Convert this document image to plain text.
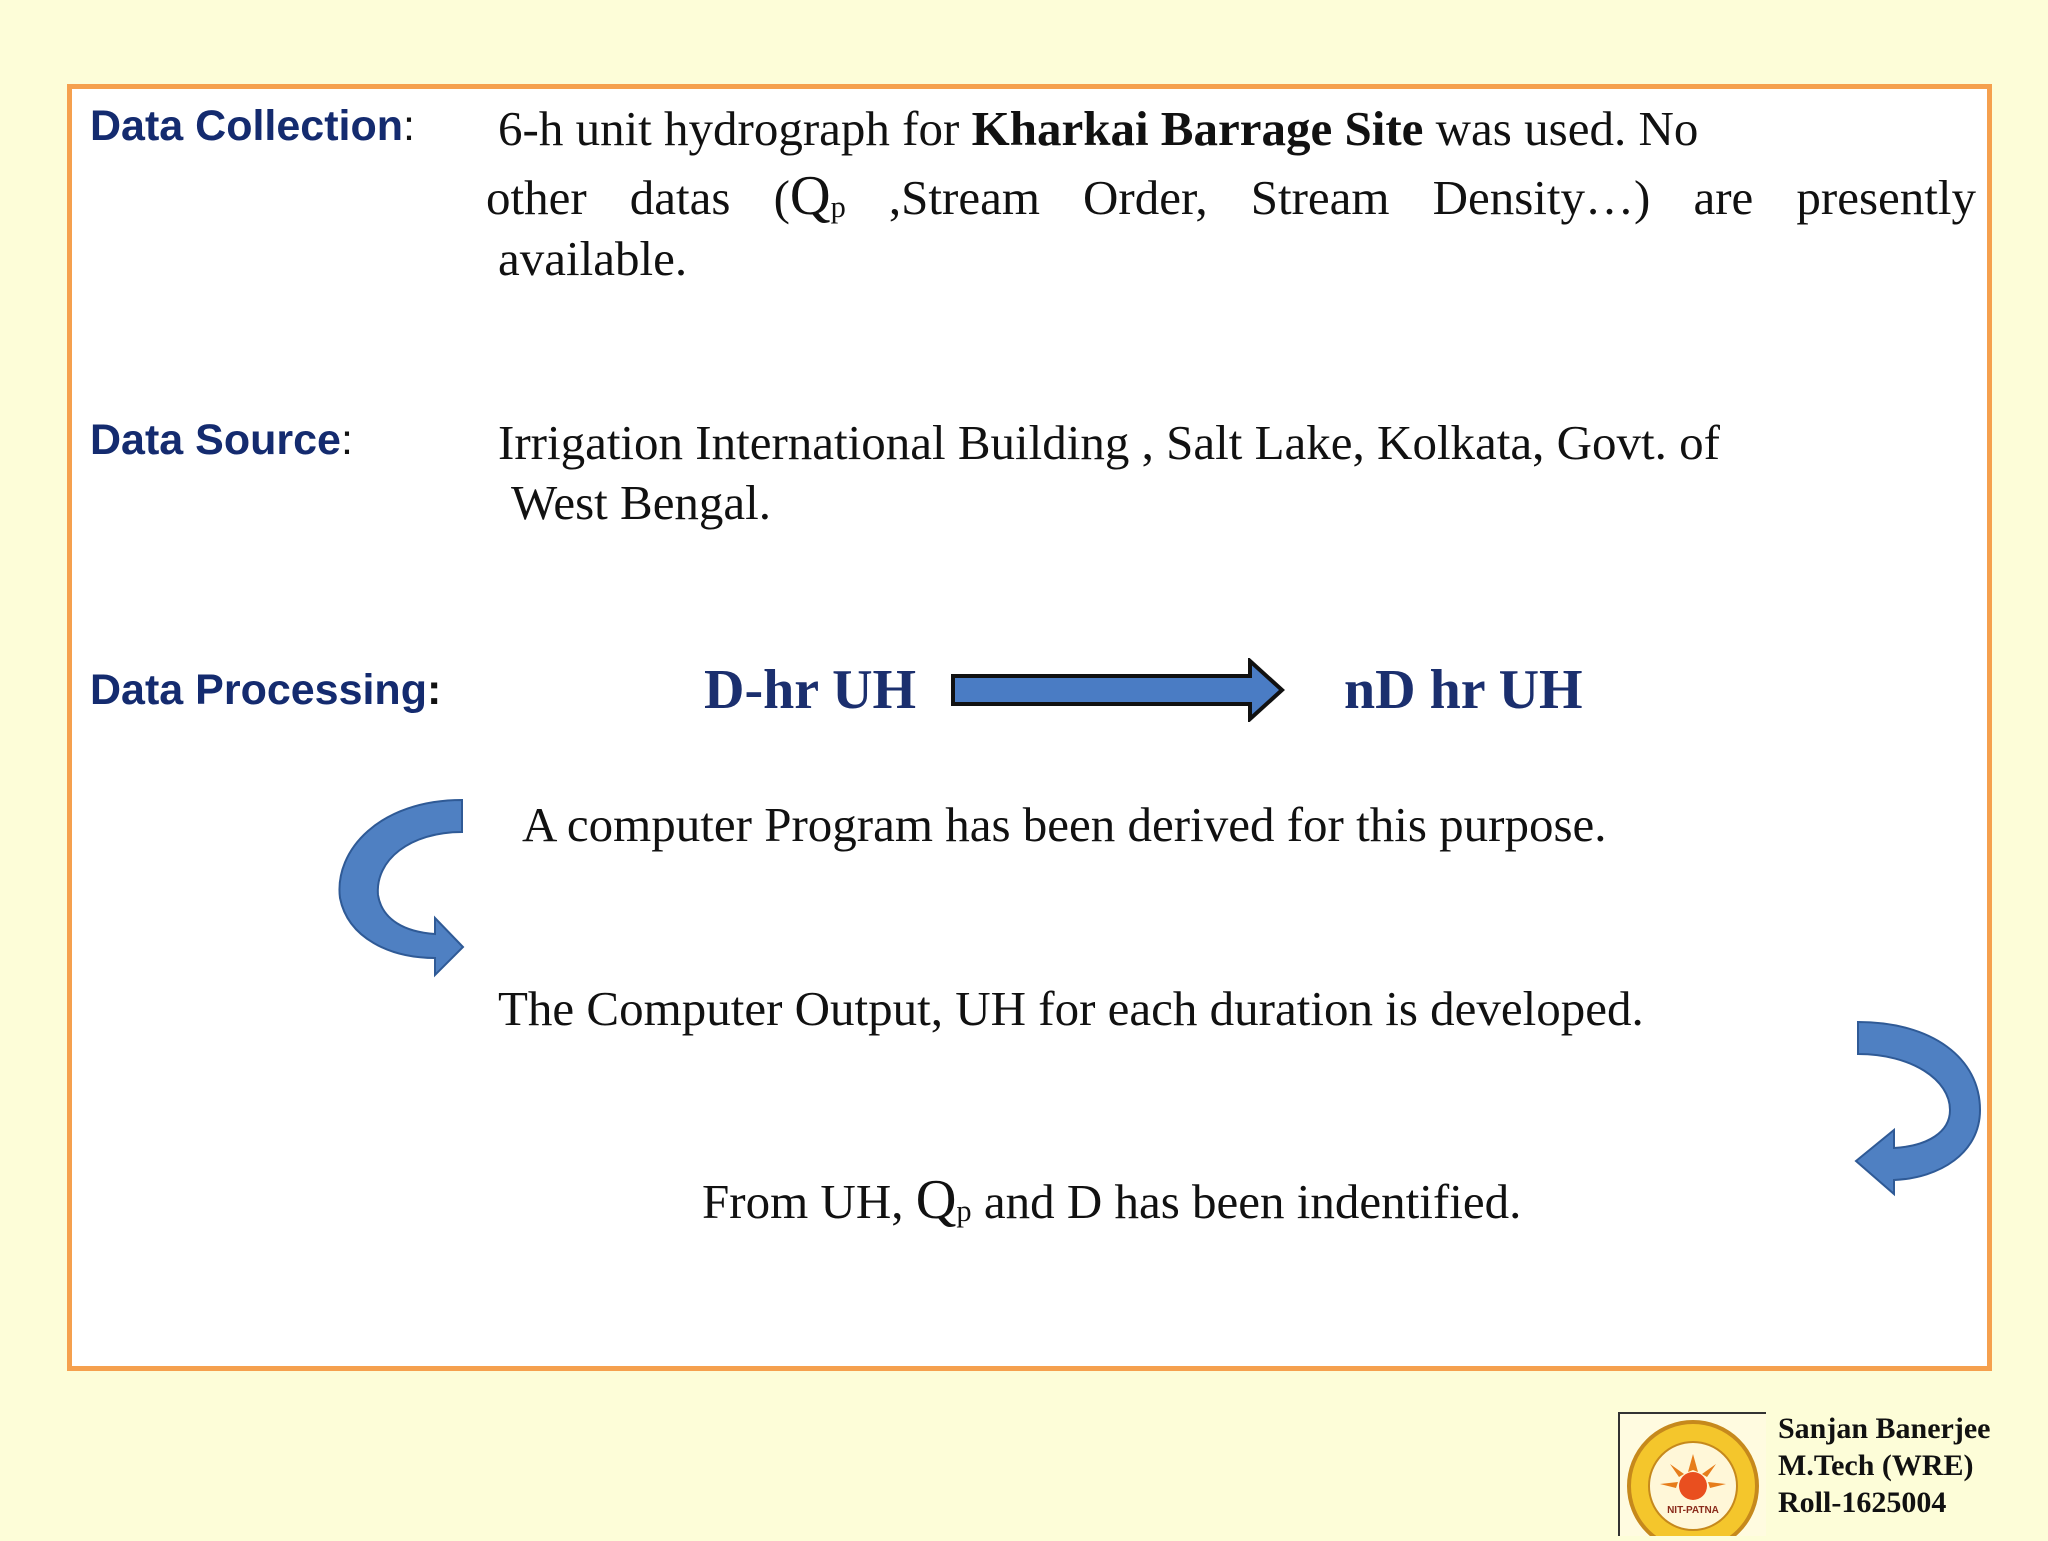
Data Collection: 6-h unit hydrograph for Kharkai Barrage Site was used. No
other datas ($Q_p$ ,Stream Order, Stream Density…) are presently
available.
Data Source:	Irrigation International Building , Salt Lake, Kolkata, Govt. of
West Bengal.
Data Processing:	D-hr UH	nD hr UH
A computer Program has been derived for this purpose.
The Computer Output, UH for each duration is developed.
From UH, $Q_p$ and D has been indentified.
NIT-PATNA
Sanjan Banerjee
M.Tech (WRE)
Roll-1625004
